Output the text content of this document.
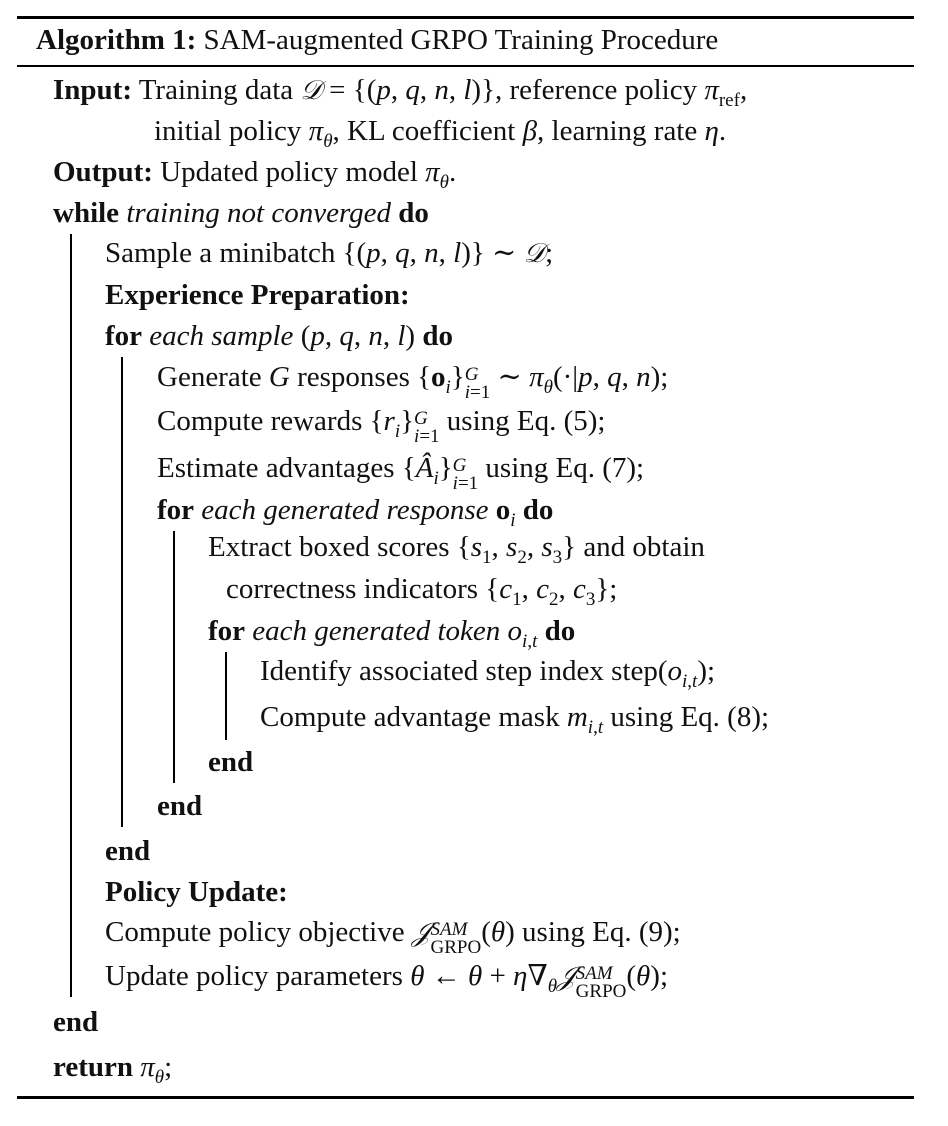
Algorithm 1: SAM-augmented GRPO Training Procedure
Input: Training data 𝒟 = {(p, q, n, l)}, reference policy $\pi_{ref}$,
initial policy $\pi_\theta$, KL coefficient β, learning rate η.
Output: Updated policy model $\pi_\theta$.
while training not converged do
Sample a minibatch {(p, q, n, l)} ∼ 𝒟;
Experience Preparation:
for each sample (p, q, n, l) do
Generate G responses $\{o_i\}$ G
i=1 ∼ $\pi_\theta(\cdot|p$, q, n);
Compute rewards $\{r_i\}$ G
i=1 using Eq. (5);
Estimate advantages $\{Â_i\}$ G
i=1 using Eq. (7);
for each generated response $o_i$ do
Extract boxed scores {$s_1$, $s_2$, $s_3$} and obtain
correctness indicators {$c_1$, $c_2$, $c_3$};
for each generated token $o_{i,t}$ do
Identify associated step index $step(o_{i,t})$;
Compute advantage mask $m_{i,t}$ using Eq. (8);
end
end
end
Policy Update:
Compute policy objective 𝒥 SAM
GRPO (θ) using Eq. (9);
Update policy parameters θ ← $\theta + \eta\nabla_\theta 𝒥$ SAM
GRPO (θ);
end
return $\pi_\theta$;
